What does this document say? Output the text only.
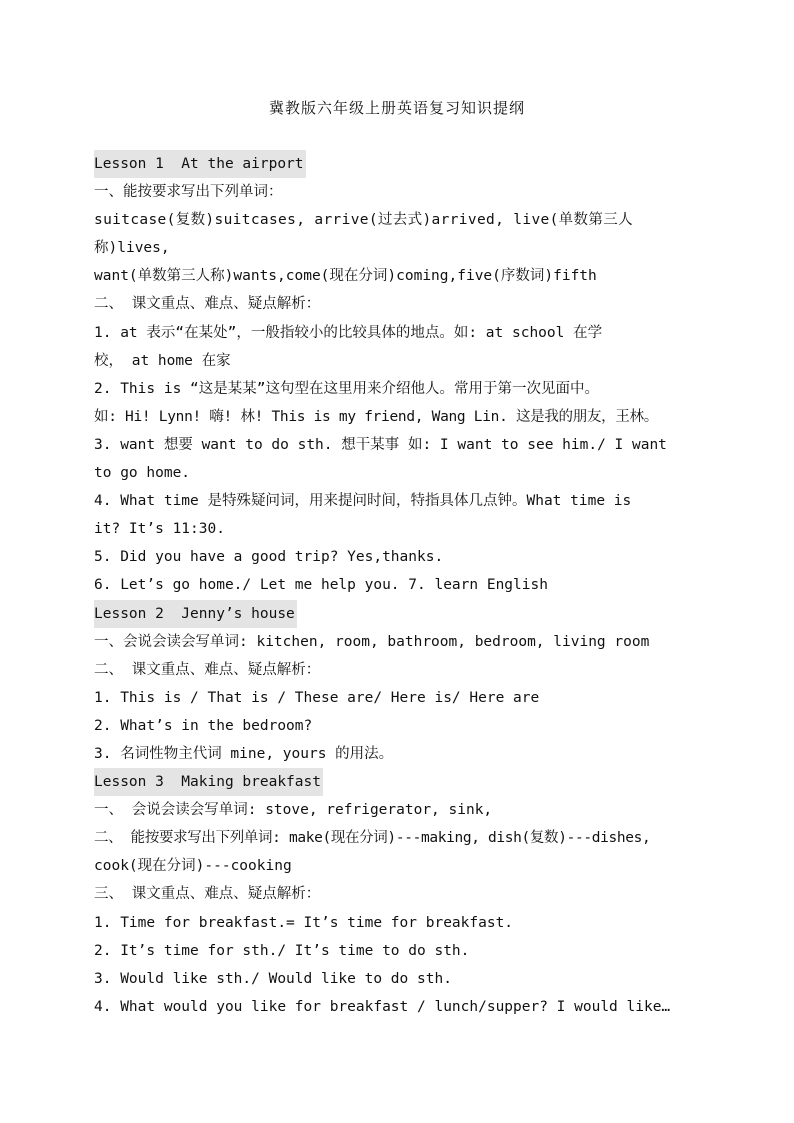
冀教版六年级上册英语复习知识提纲
Lesson 1  At the airport
一、能按要求写出下列单词：
suitcase(复数)suitcases, arrive(过去式)arrived, live(单数第三人
称)lives,
want(单数第三人称)wants,come(现在分词)coming,five(序数词)fifth
二、 课文重点、难点、疑点解析：
1. at 表示“在某处”，一般指较小的比较具体的地点。如: at school 在学
校， at home 在家
2. This is “这是某某”这句型在这里用来介绍他人。常用于第一次见面中。
如: Hi! Lynn! 嗨! 林! This is my friend, Wang Lin. 这是我的朋友，王林。
3. want 想要 want to do sth. 想干某事 如: I want to see him./ I want
to go home.
4. What time 是特殊疑问词，用来提问时间，特指具体几点钟。What time is
it? It’s 11:30.
5. Did you have a good trip? Yes,thanks.
6. Let’s go home./ Let me help you. 7. learn English
Lesson 2  Jenny’s house
一、会说会读会写单词: kitchen, room, bathroom, bedroom, living room
二、 课文重点、难点、疑点解析：
1. This is / That is / These are/ Here is/ Here are
2. What’s in the bedroom?
3. 名词性物主代词 mine, yours 的用法。
Lesson 3  Making breakfast
一、 会说会读会写单词: stove, refrigerator, sink,
二、 能按要求写出下列单词: make(现在分词)---making, dish(复数)---dishes,
cook(现在分词)---cooking
三、 课文重点、难点、疑点解析：
1. Time for breakfast.= It’s time for breakfast.
2. It’s time for sth./ It’s time to do sth.
3. Would like sth./ Would like to do sth.
4. What would you like for breakfast / lunch/supper? I would like…
